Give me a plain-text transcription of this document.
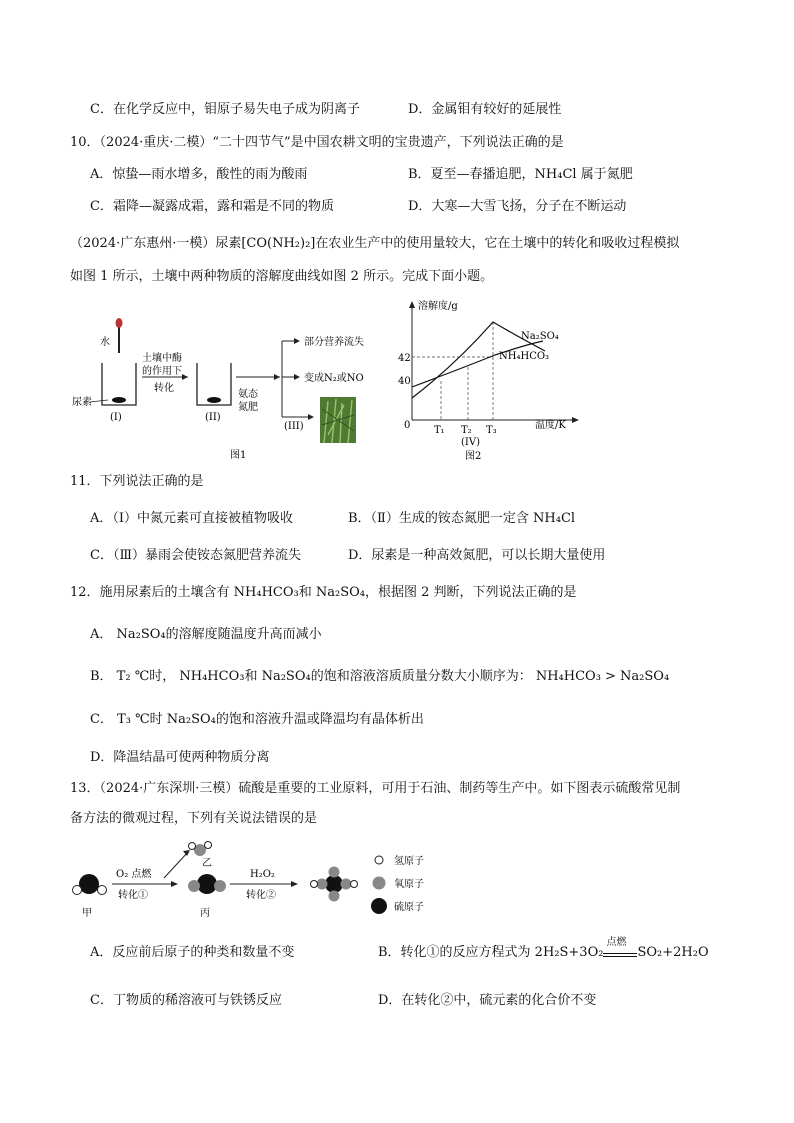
C．在化学反应中，钼原子易失电子成为阴离子	D．金属钼有较好的延展性
10．（2024·重庆·二模）“二十四节气”是中国农耕文明的宝贵遗产，下列说法正确的是
A．惊蛰—雨水增多，酸性的雨为酸雨	B．夏至—春播追肥，NH₄Cl 属于氮肥
C．霜降—凝露成霜，露和霜是不同的物质	D．大寒—大雪飞扬，分子在不断运动
（2024·广东惠州·一模）尿素[CO(NH₂)₂]在农业生产中的使用量较大，它在土壤中的转化和吸收过程模拟
如图 1 所示，土壤中两种物质的溶解度曲线如图 2 所示。完成下面小题。
水
尿素
(I)
土壤中酶
的作用下
转化
(II)
氨态
氮肥
部分营养流失
变成N₂或NO
(III)
图1
溶解度/g
温度/K
0
42
40
Na₂SO₄
NH₄HCO₃
T₁ T₂ T₃
(IV)
图2
11．下列说法正确的是
A．（Ⅰ）中氮元素可直接被植物吸收	B．（Ⅱ）生成的铵态氮肥一定含 NH₄Cl
C．（Ⅲ）暴雨会使铵态氮肥营养流失	D．尿素是一种高效氮肥，可以长期大量使用
12．施用尿素后的土壤含有 NH₄HCO₃和 Na₂SO₄，根据图 2 判断，下列说法正确的是
A． Na₂SO₄的溶解度随温度升高而减小
B． T₂ ℃时， NH₄HCO₃和 Na₂SO₄的饱和溶液溶质质量分数大小顺序为： NH₄HCO₃ > Na₂SO₄
C． T₃ ℃时 Na₂SO₄的饱和溶液升温或降温均有晶体析出
D．降温结晶可使两种物质分离
13．（2024·广东深圳·三模）硫酸是重要的工业原料，可用于石油、制药等生产中。如下图表示硫酸常见制
备方法的微观过程，下列有关说法错误的是
甲
O₂ 点燃
转化①
乙
丙
H₂O₂
转化②
氢原子
氧原子
硫原子
A．反应前后原子的种类和数量不变	B．转化①的反应方程式为 2H₂S+3O₂
点燃
SO₂+2H₂O
C．丁物质的稀溶液可与铁锈反应	D．在转化②中，硫元素的化合价不变
